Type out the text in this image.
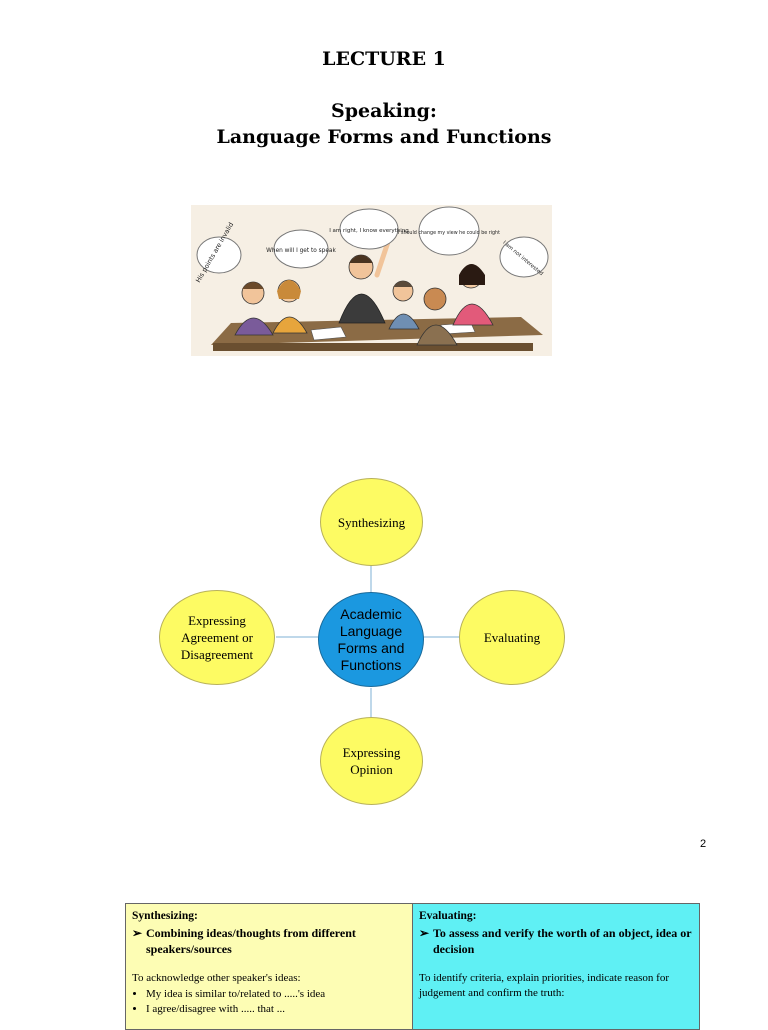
LECTURE 1
Speaking:
Language Forms and Functions
His points are invalid	When will I get to speak
I am right, I know everything
I should change my view he could be right
I am not interested
Synthesizing
Expressing Agreement or Disagreement
Academic Language Forms and Functions
Evaluating
Expressing Opinion
2
Synthesizing:
➢ Combining ideas/thoughts from different speakers/sources
To acknowledge other speaker's ideas:
• My idea is similar to/related to .....'s idea
• I agree/disagree with ..... that ...
Evaluating:
➢ To assess and verify the worth of an object, idea or decision
To identify criteria, explain priorities, indicate reason for judgement and confirm the truth:
